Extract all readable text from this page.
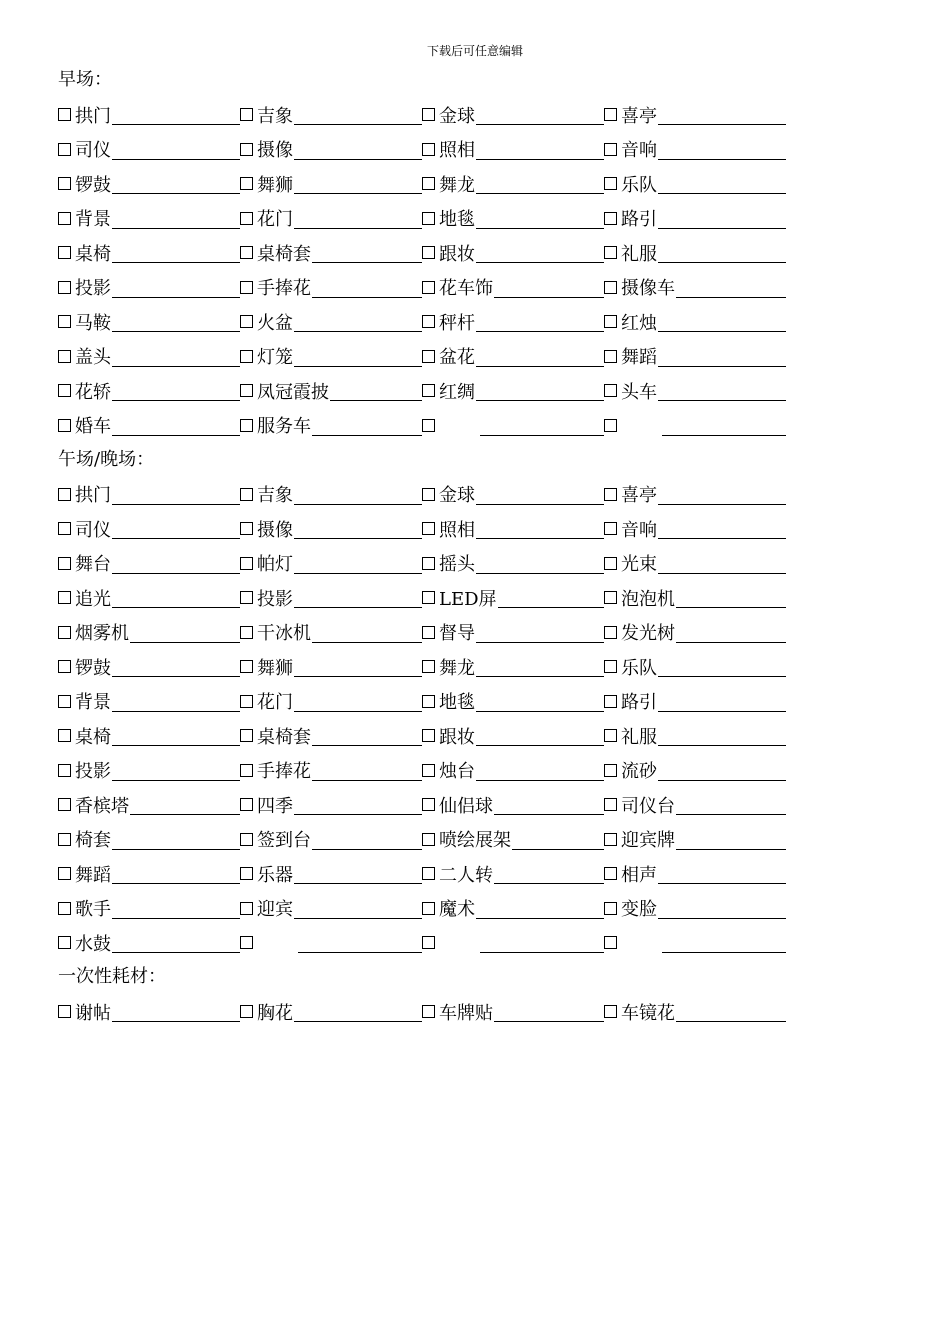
下载后可任意编辑
早场：
拱门	吉象	金球	喜亭
司仪	摄像	照相	音响
锣鼓	舞狮	舞龙	乐队
背景	花门	地毯	路引
桌椅	桌椅套	跟妆	礼服
投影	手捧花	花车饰	摄像车
马鞍	火盆	秤杆	红烛
盖头	灯笼	盆花	舞蹈
花轿	凤冠霞披	红绸	头车
婚车	服务车
午场/晚场：
拱门	吉象	金球	喜亭
司仪	摄像	照相	音响
舞台	帕灯	摇头	光束
追光	投影	LED屏	泡泡机
烟雾机	干冰机	督导	发光树
锣鼓	舞狮	舞龙	乐队
背景	花门	地毯	路引
桌椅	桌椅套	跟妆	礼服
投影	手捧花	烛台	流砂
香槟塔	四季	仙侣球	司仪台
椅套	签到台	喷绘展架	迎宾牌
舞蹈	乐器	二人转	相声
歌手	迎宾	魔术	变脸
水鼓
一次性耗材：
谢帖	胸花	车牌贴	车镜花
